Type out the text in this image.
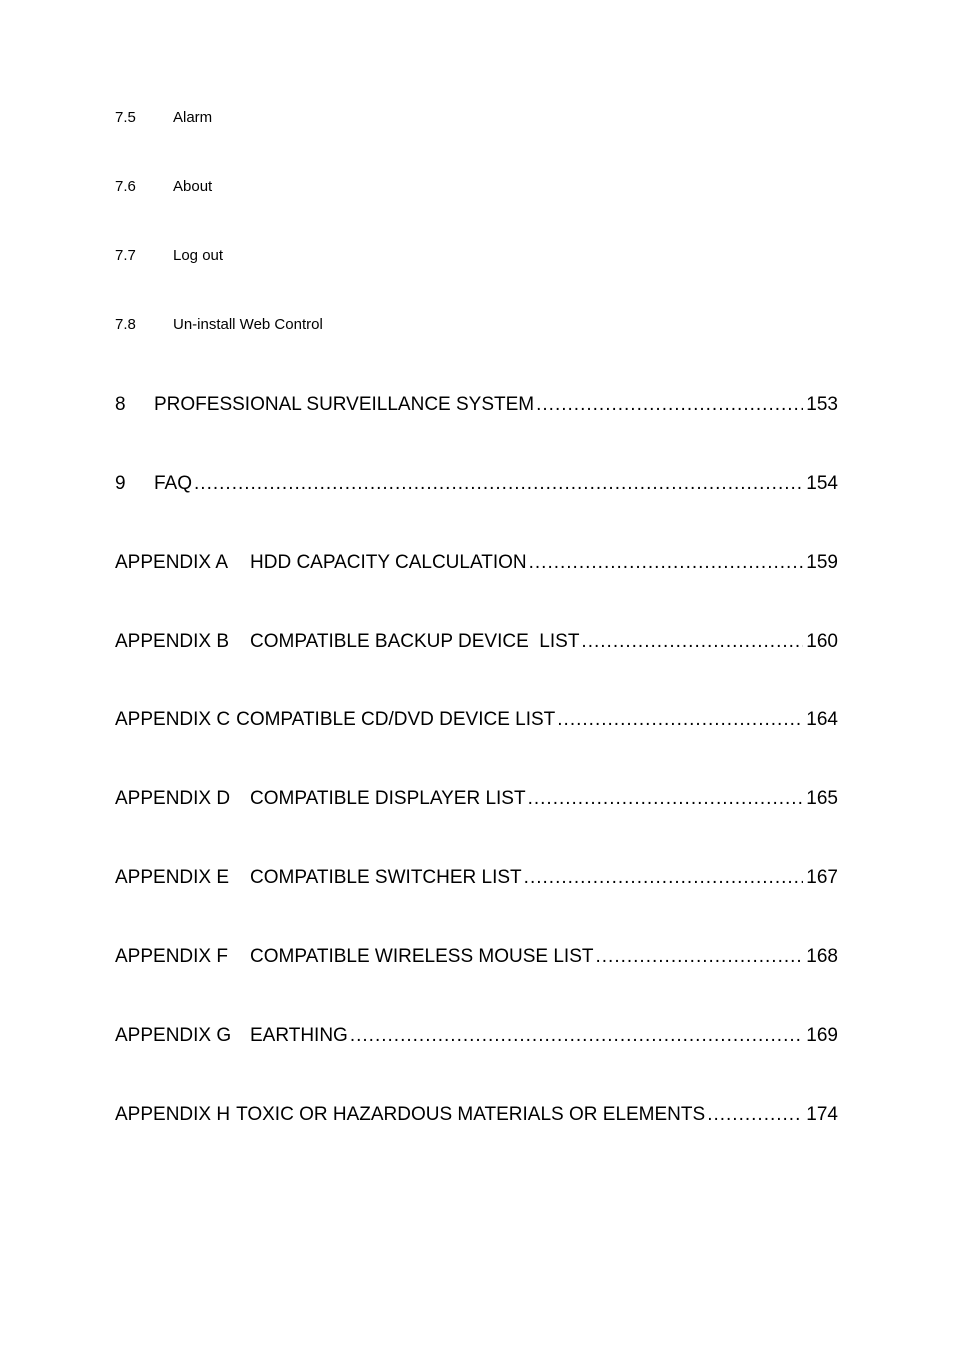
7.5 Alarm
7.6 About
7.7 Log out
7.8 Un-install Web Control
8	PROFESSIONAL SURVEILLANCE SYSTEM .....	153
9	FAQ .....	154
APPENDIX A	HDD CAPACITY CALCULATION .....	159
APPENDIX B	COMPATIBLE BACKUP DEVICE  LIST .....	160
APPENDIX C COMPATIBLE CD/DVD DEVICE LIST .....	164
APPENDIX D	COMPATIBLE DISPLAYER LIST .....	165
APPENDIX E	COMPATIBLE SWITCHER LIST .....	167
APPENDIX F	COMPATIBLE WIRELESS MOUSE LIST .....	168
APPENDIX G EARTHING .....	169
APPENDIX H TOXIC OR HAZARDOUS MATERIALS OR ELEMENTS .....	174
